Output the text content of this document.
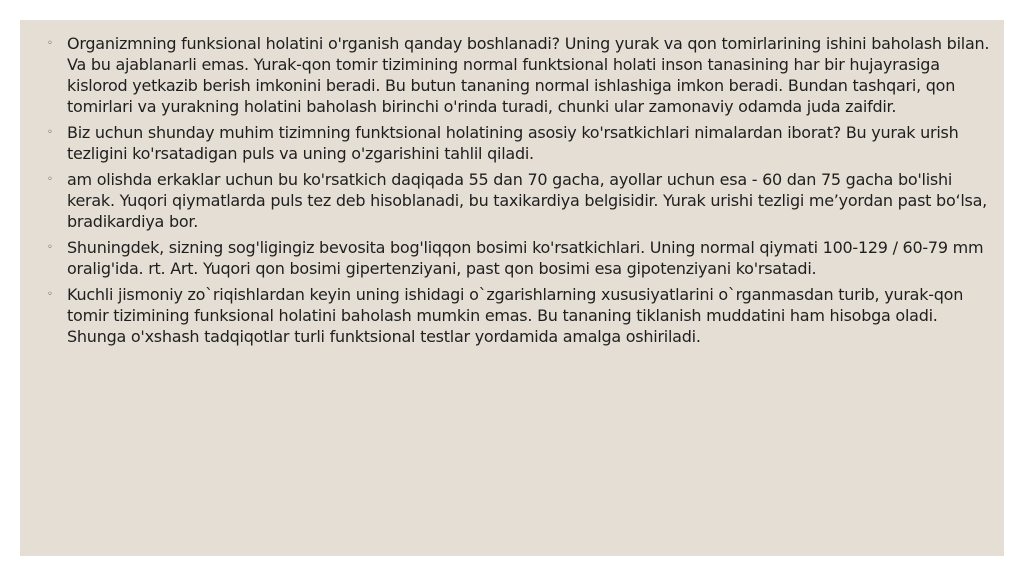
◦ Organizmning funksional holatini o'rganish qanday boshlanadi? Uning yurak va qon tomirlarining ishini baholash bilan. Va bu ajablanarli emas. Yurak-qon tomir tizimining normal funktsional holati inson tanasining har bir hujayrasiga kislorod yetkazib berish imkonini beradi. Bu butun tananing normal ishlashiga imkon beradi. Bundan tashqari, qon tomirlari va yurakning holatini baholash birinchi o'rinda turadi, chunki ular zamonaviy odamda juda zaifdir.
◦ Biz uchun shunday muhim tizimning funktsional holatining asosiy ko'rsatkichlari nimalardan iborat? Bu yurak urish tezligini ko'rsatadigan puls va uning o'zgarishini tahlil qiladi.
◦ am olishda erkaklar uchun bu ko'rsatkich daqiqada 55 dan 70 gacha, ayollar uchun esa - 60 dan 75 gacha bo'lishi kerak. Yuqori qiymatlarda puls tez deb hisoblanadi, bu taxikardiya belgisidir. Yurak urishi tezligi me’yordan past bo‘lsa, bradikardiya bor.
◦ Shuningdek, sizning sog'ligingiz bevosita bog'liqqon bosimi ko'rsatkichlari. Uning normal qiymati 100-129 / 60-79 mm oralig'ida. rt. Art. Yuqori qon bosimi gipertenziyani, past qon bosimi esa gipotenziyani ko'rsatadi.
◦ Kuchli jismoniy zo`riqishlardan keyin uning ishidagi o`zgarishlarning xususiyatlarini o`rganmasdan turib, yurak-qon tomir tizimining funksional holatini baholash mumkin emas. Bu tananing tiklanish muddatini ham hisobga oladi. Shunga o'xshash tadqiqotlar turli funktsional testlar yordamida amalga oshiriladi.
